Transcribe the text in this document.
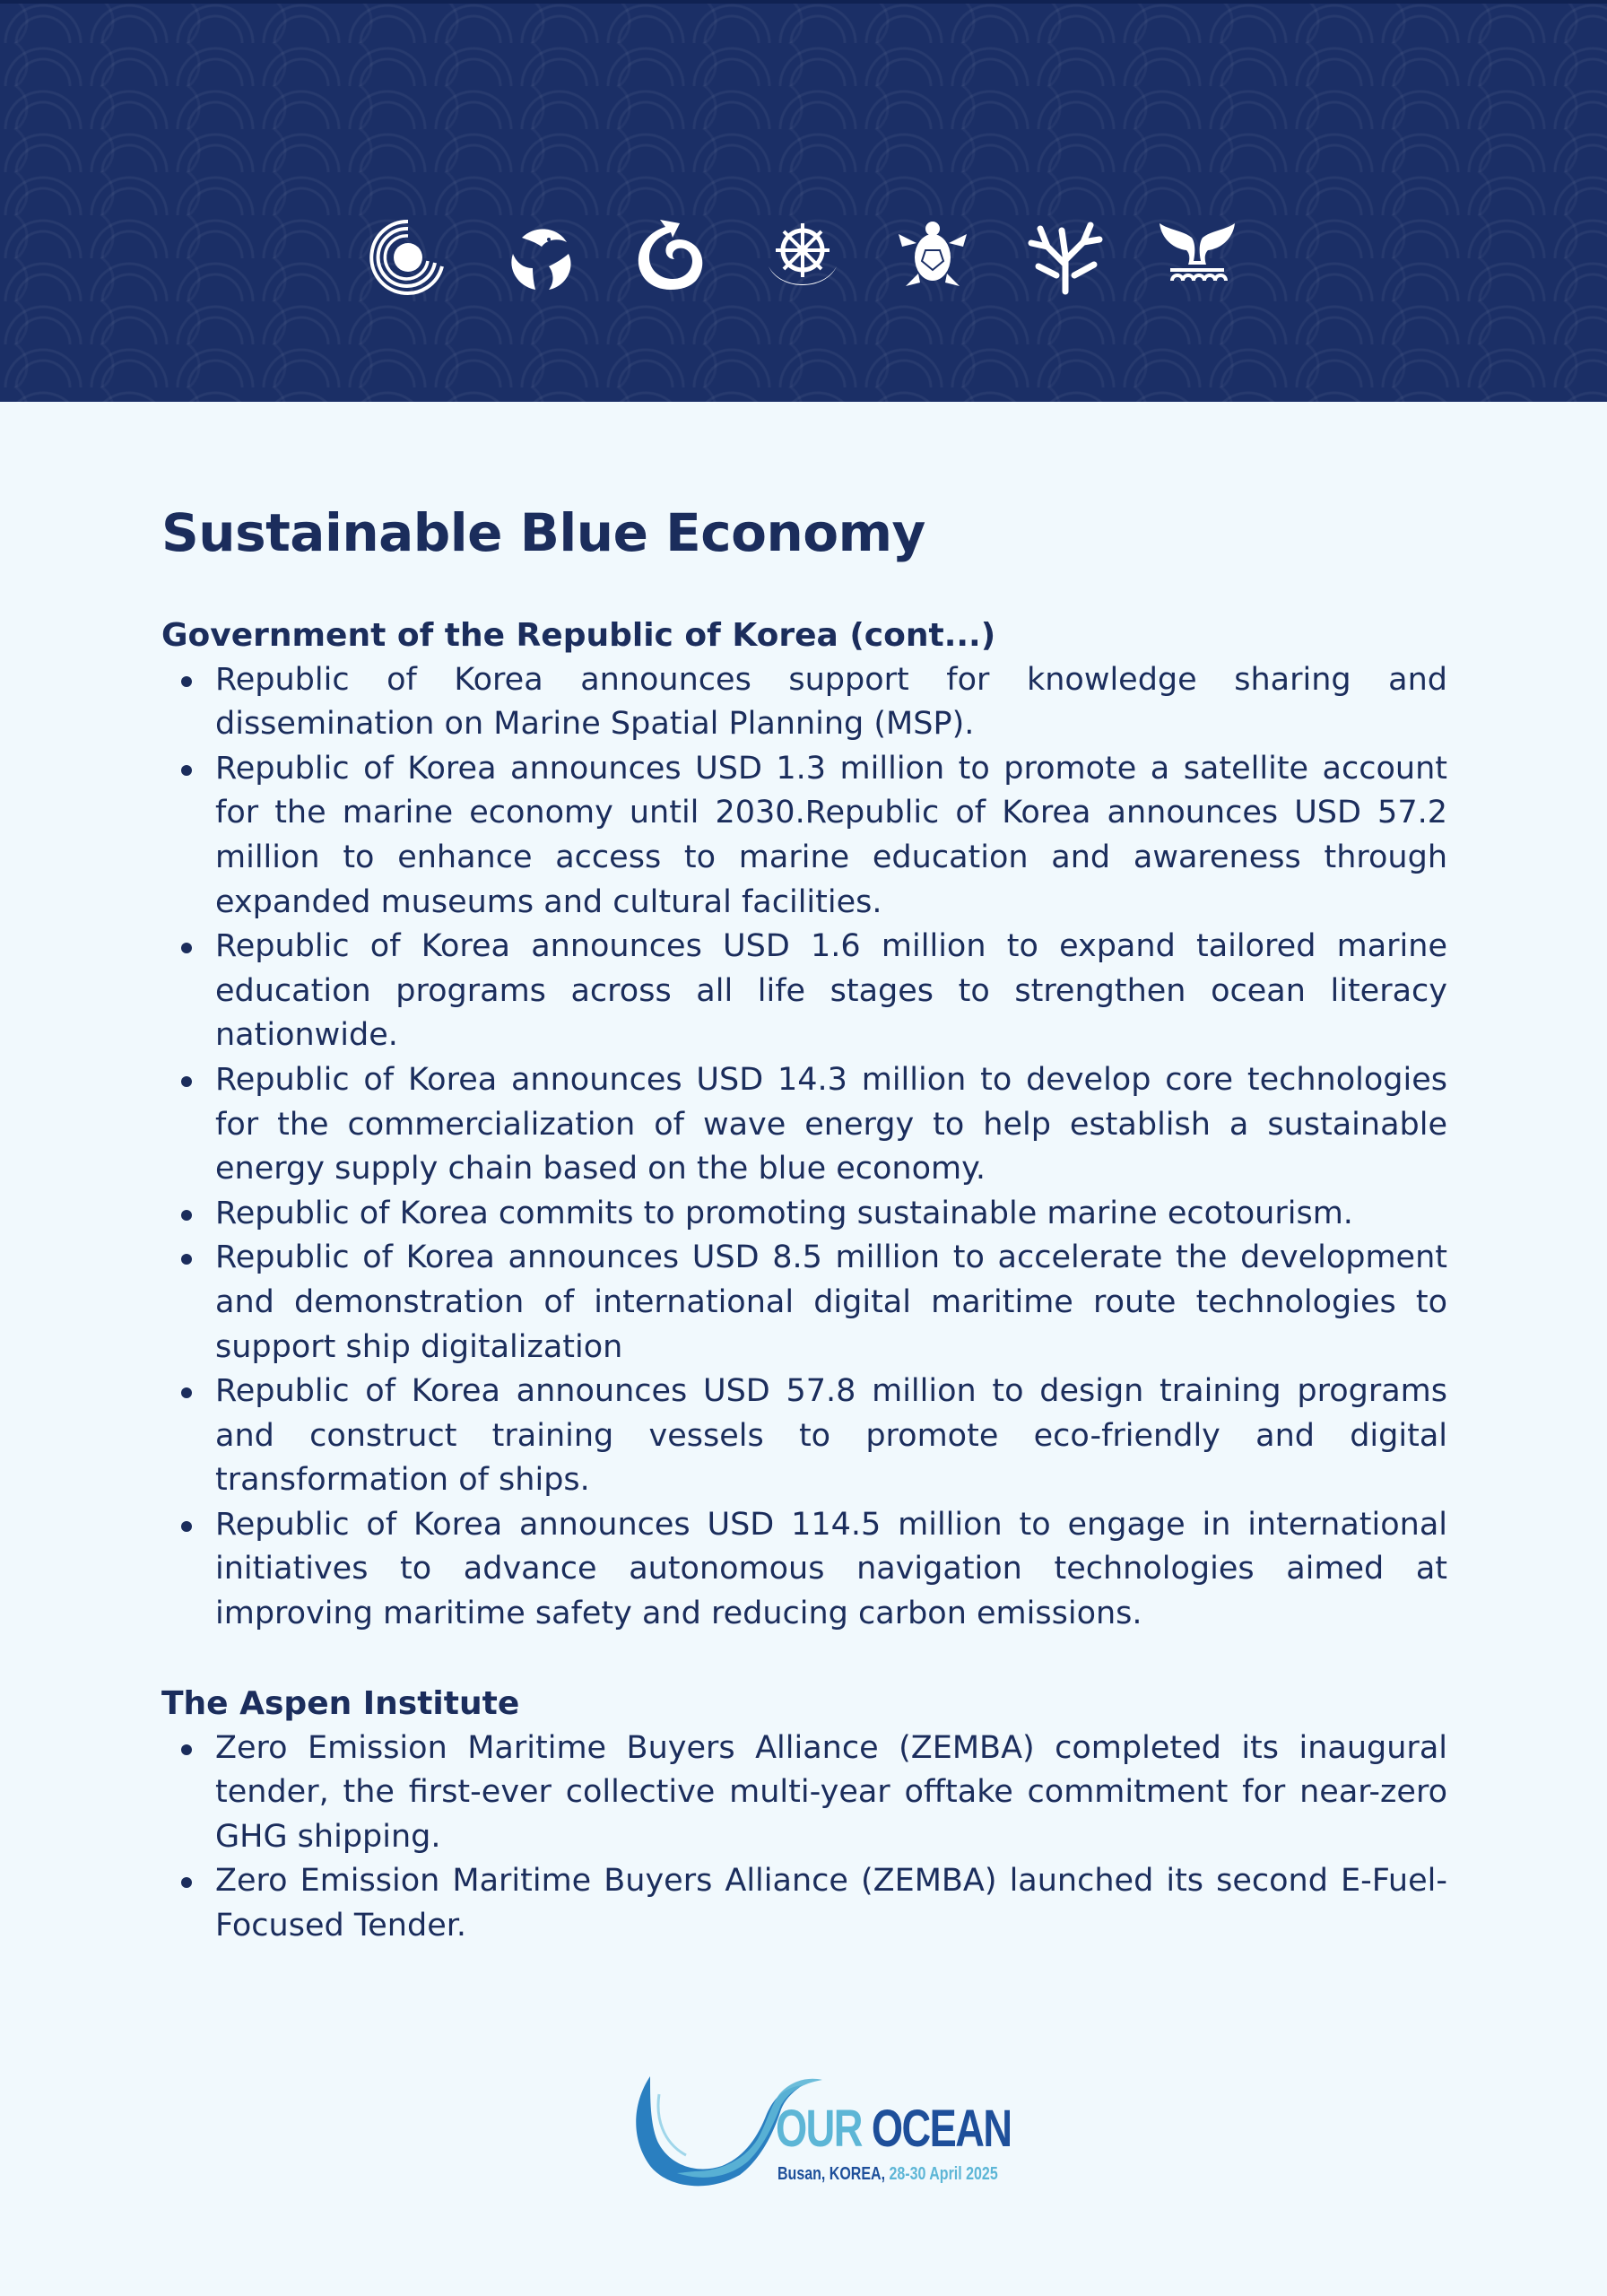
Sustainable Blue Economy

Government of the Republic of Korea (cont...)

Republic of Korea announces support for knowledge sharing and dissemination on Marine Spatial Planning (MSP).
Republic of Korea announces USD 1.3 million to promote a satellite account for the marine economy until 2030.Republic of Korea announces USD 57.2 million to enhance access to marine education and awareness through expanded museums and cultural facilities.
Republic of Korea announces USD 1.6 million to expand tailored marine education programs across all life stages to strengthen ocean literacy nationwide.
Republic of Korea announces USD 14.3 million to develop core technologies for the commercialization of wave energy to help establish a sustainable energy supply chain based on the blue economy.
Republic of Korea commits to promoting sustainable marine ecotourism.
Republic of Korea announces USD 8.5 million to accelerate the development and demonstration of international digital maritime route technologies to support ship digitalization
Republic of Korea announces USD 57.8 million to design training programs and construct training vessels to promote eco-friendly and digital transformation of ships.
Republic of Korea announces USD 114.5 million to engage in international initiatives to advance autonomous navigation technologies aimed at improving maritime safety and reducing carbon emissions.

The Aspen Institute

Zero Emission Maritime Buyers Alliance (ZEMBA) completed its inaugural tender, the first-ever collective multi-year offtake commitment for near-zero GHG shipping.
Zero Emission Maritime Buyers Alliance (ZEMBA) launched its second E-Fuel-Focused Tender.
OUR OCEAN
Busan, KOREA, 28-30 April 2025
